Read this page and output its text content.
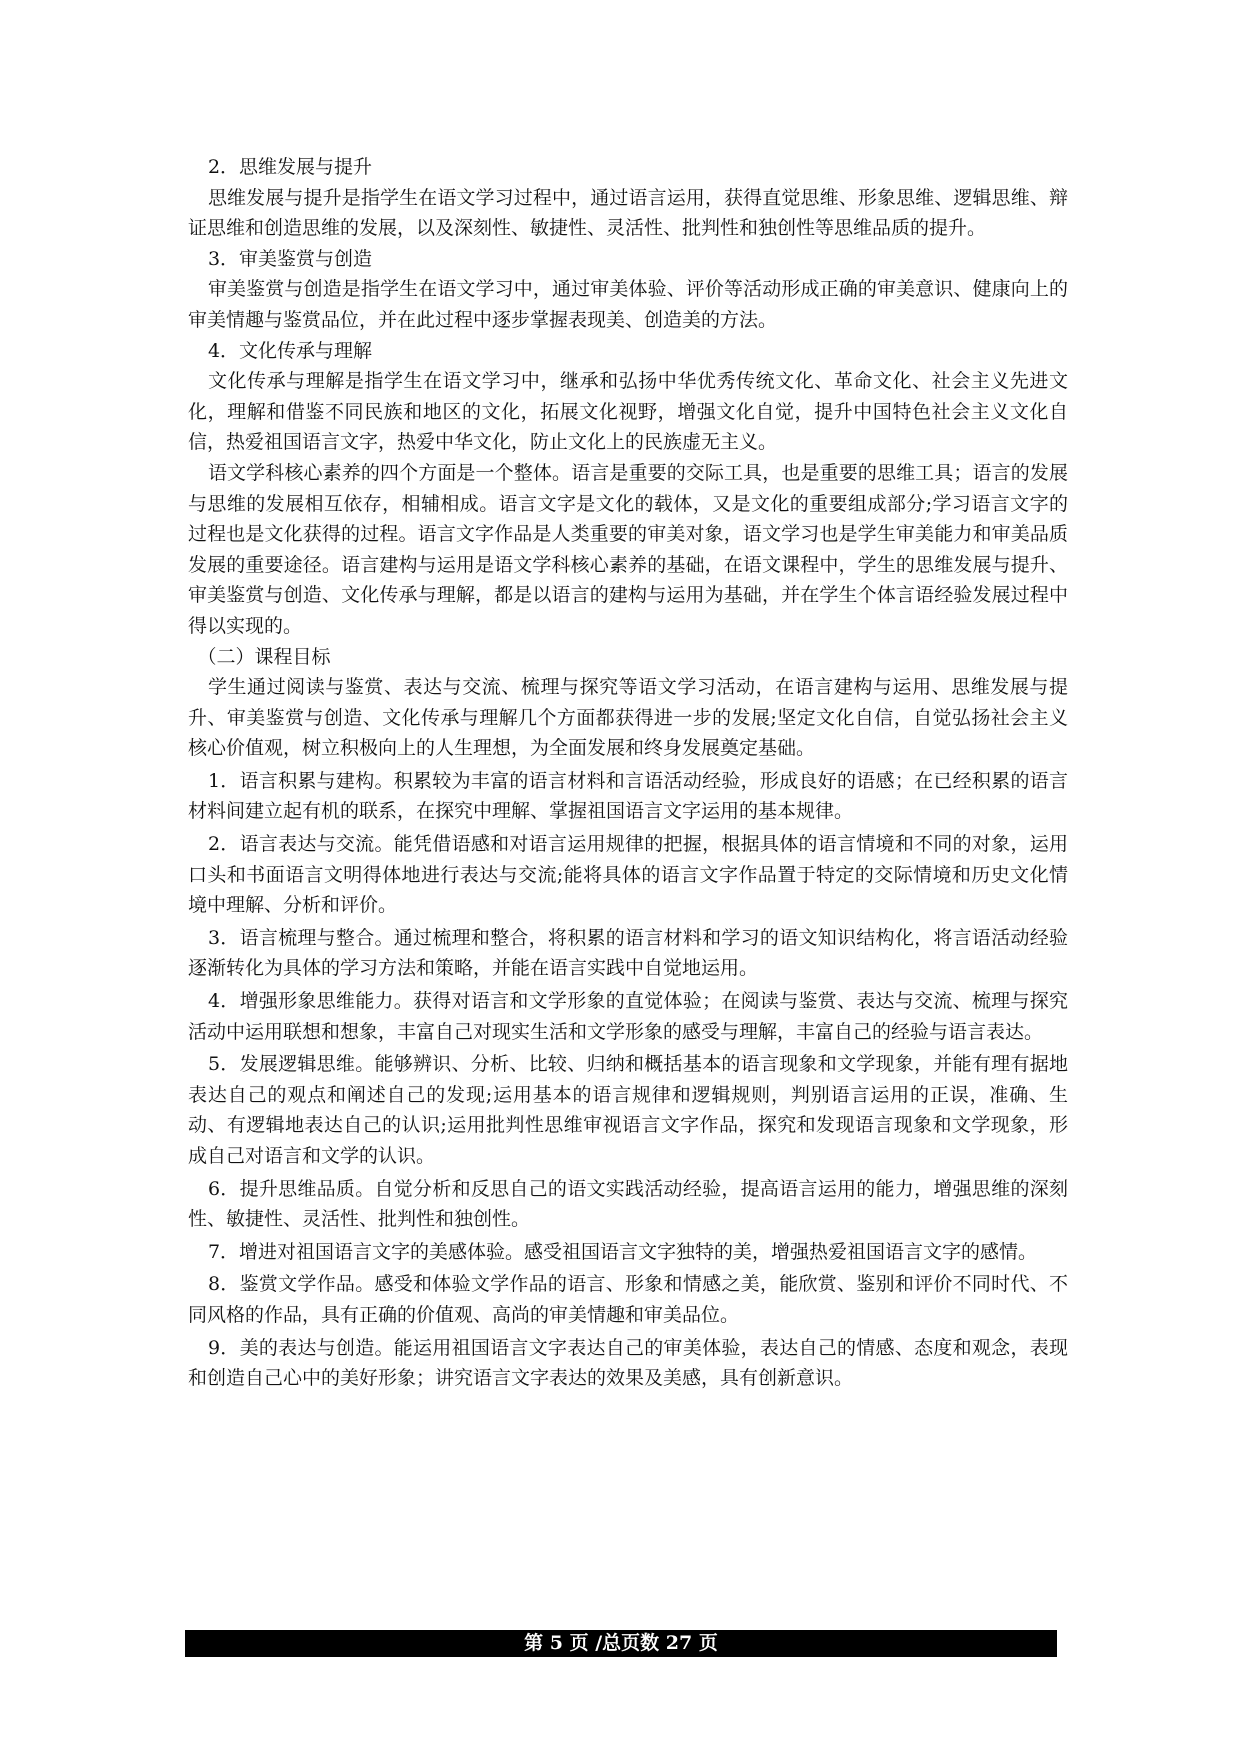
2．思维发展与提升

思维发展与提升是指学生在语文学习过程中，通过语言运用，获得直觉思维、形象思维、逻辑思维、辩证思维和创造思维的发展，以及深刻性、敏捷性、灵活性、批判性和独创性等思维品质的提升。

3．审美鉴赏与创造

审美鉴赏与创造是指学生在语文学习中，通过审美体验、评价等活动形成正确的审美意识、健康向上的审美情趣与鉴赏品位，并在此过程中逐步掌握表现美、创造美的方法。

4．文化传承与理解

文化传承与理解是指学生在语文学习中，继承和弘扬中华优秀传统文化、革命文化、社会主义先进文化，理解和借鉴不同民族和地区的文化，拓展文化视野，增强文化自觉，提升中国特色社会主义文化自信，热爱祖国语言文字，热爱中华文化，防止文化上的民族虚无主义。

语文学科核心素养的四个方面是一个整体。语言是重要的交际工具，也是重要的思维工具；语言的发展与思维的发展相互依存，相辅相成。语言文字是文化的载体，又是文化的重要组成部分;学习语言文字的过程也是文化获得的过程。语言文字作品是人类重要的审美对象，语文学习也是学生审美能力和审美品质发展的重要途径。语言建构与运用是语文学科核心素养的基础，在语文课程中，学生的思维发展与提升、审美鉴赏与创造、文化传承与理解，都是以语言的建构与运用为基础，并在学生个体言语经验发展过程中得以实现的。

（二）课程目标

学生通过阅读与鉴赏、表达与交流、梳理与探究等语文学习活动，在语言建构与运用、思维发展与提升、审美鉴赏与创造、文化传承与理解几个方面都获得进一步的发展;坚定文化自信，自觉弘扬社会主义核心价值观，树立积极向上的人生理想，为全面发展和终身发展奠定基础。

1．语言积累与建构。积累较为丰富的语言材料和言语活动经验，形成良好的语感；在已经积累的语言材料间建立起有机的联系，在探究中理解、掌握祖国语言文字运用的基本规律。

2．语言表达与交流。能凭借语感和对语言运用规律的把握，根据具体的语言情境和不同的对象，运用口头和书面语言文明得体地进行表达与交流;能将具体的语言文字作品置于特定的交际情境和历史文化情境中理解、分析和评价。

3．语言梳理与整合。通过梳理和整合，将积累的语言材料和学习的语文知识结构化，将言语活动经验逐渐转化为具体的学习方法和策略，并能在语言实践中自觉地运用。

4．增强形象思维能力。获得对语言和文学形象的直觉体验；在阅读与鉴赏、表达与交流、梳理与探究活动中运用联想和想象，丰富自己对现实生活和文学形象的感受与理解，丰富自己的经验与语言表达。

5．发展逻辑思维。能够辨识、分析、比较、归纳和概括基本的语言现象和文学现象，并能有理有据地表达自己的观点和阐述自己的发现;运用基本的语言规律和逻辑规则，判别语言运用的正误，准确、生动、有逻辑地表达自己的认识;运用批判性思维审视语言文字作品，探究和发现语言现象和文学现象，形成自己对语言和文学的认识。

6．提升思维品质。自觉分析和反思自己的语文实践活动经验，提高语言运用的能力，增强思维的深刻性、敏捷性、灵活性、批判性和独创性。

7．增进对祖国语言文字的美感体验。感受祖国语言文字独特的美，增强热爱祖国语言文字的感情。

8．鉴赏文学作品。感受和体验文学作品的语言、形象和情感之美，能欣赏、鉴别和评价不同时代、不同风格的作品，具有正确的价值观、高尚的审美情趣和审美品位。

9．美的表达与创造。能运用祖国语言文字表达自己的审美体验，表达自己的情感、态度和观念，表现和创造自己心中的美好形象；讲究语言文字表达的效果及美感，具有创新意识。

第 5 页 /总页数 27 页
